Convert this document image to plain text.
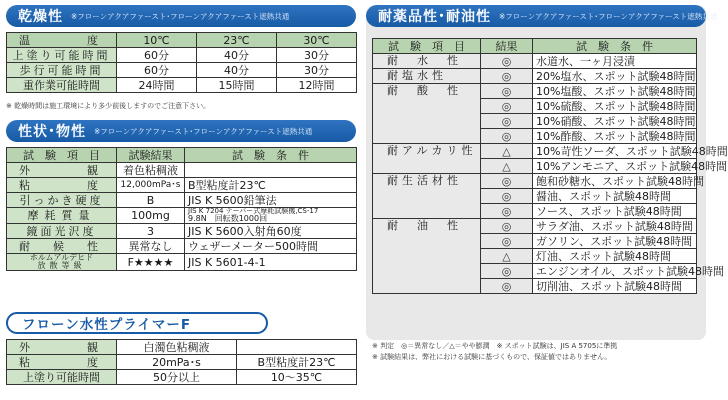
乾燥性 ※フローンアクアファースト･フローンアクアファースト遮熱共通
温　　　度	10℃	23℃	30℃
上塗り可能時間	60分	40分	30分
歩行可能時間	60分	40分	30分
重作業可能時間	24時間	15時間	12時間
※ 乾燥時間は施工環境により多少前後しますのでご注意下さい。
性状･物性 ※フローンアクアファースト･フローンアクアファースト遮熱共通
試　験　項　目	試験結果	試　験　条　件
外　　　観	着色粘稠液	
粘　　　度	12,000mPa･s	B型粘度計23℃
引っかき硬度	B	JIS K 5600鉛筆法
摩耗質量	100mg	JIS K 7204 テーバー式摩耗試験機,CS-17
9.8N　回転数1000回

鏡面光沢度	3	JIS K 5600入射角60度
耐　候　性	異常なし	ウェザーメーター500時間

ホルムアルデヒド
放散等級	F★★★★	JIS K 5601-4-1
フローン水性プライマーF
外　　　観	白濁色粘稠液	
粘　　　度	20mPa･s	B型粘度計23℃
上塗り可能時間	50分以上	10～35℃
耐薬品性･耐油性 ※フローンアクアファースト･フローンアクアファースト遮熱共通
試　験　項　目	結果	試　験　条　件
耐　水　性	◎	水道水、一ヶ月浸漬
耐塩水性	◎	20%塩水、スポット試験48時間
耐　酸　性	◎	10%塩酸、スポット試験48時間
	◎	10%硫酸、スポット試験48時間
	◎	10%硝酸、スポット試験48時間
	◎	10%酢酸、スポット試験48時間
耐アルカリ性	△	10%苛性ソーダ、スポット試験48時間
	△	10%アンモニア、スポット試験48時間
耐生活材性	◎	飽和砂糖水、スポット試験48時間
	◎	醤油、スポット試験48時間
	◎	ソース、スポット試験48時間
耐　油　性	◎	サラダ油、スポット試験48時間
	◎	ガソリン、スポット試験48時間
	△	灯油、スポット試験48時間
	◎	エンジンオイル、スポット試験48時間
	◎	切削油、スポット試験48時間
※ 判定　◎＝異常なし／△＝やや膨潤　※ スポット試験は、JIS A 5705に準拠
※ 試験結果は、弊社における試験に基づくもので、保証値ではありません。
